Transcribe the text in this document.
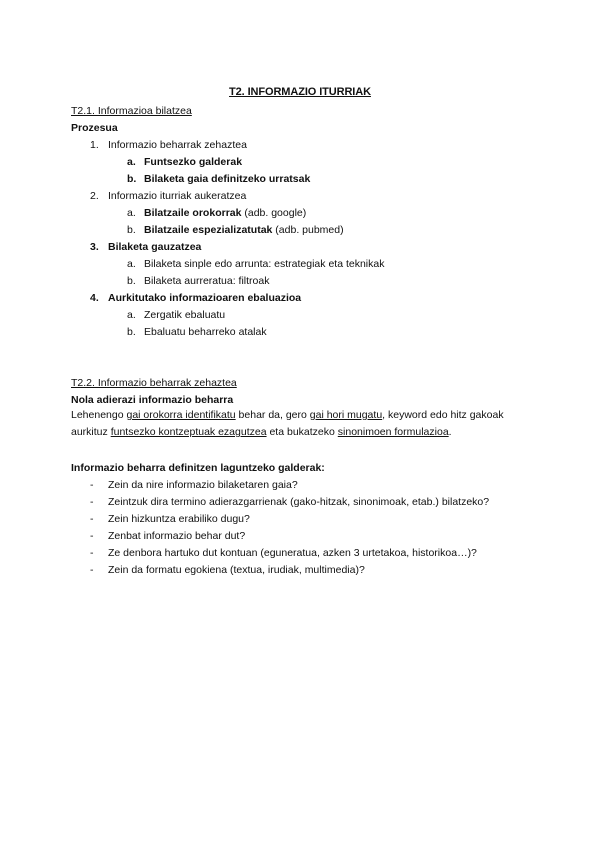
T2. INFORMAZIO ITURRIAK
T2.1. Informazioa bilatzea
Prozesua
1. Informazio beharrak zehaztea
a. Funtsezko galderak
b. Bilaketa gaia definitzeko urratsak
2. Informazio iturriak aukeratzea
a. Bilatzaile orokorrak (adb. google)
b. Bilatzaile espezializatutak (adb. pubmed)
3. Bilaketa gauzatzea
a. Bilaketa sinple edo arrunta: estrategiak eta teknikak
b. Bilaketa aurreratua: filtroak
4. Aurkitutako informazioaren ebaluazioa
a. Zergatik ebaluatu
b. Ebaluatu beharreko atalak
T2.2. Informazio beharrak zehaztea
Nola adierazi informazio beharra
Lehenengo gai orokorra identifikatu behar da, gero gai hori mugatu, keyword edo hitz gakoak aurkituz funtsezko kontzeptuak ezagutzea eta bukatzeko sinonimoen formulazioa.
Informazio beharra definitzen laguntzeko galderak:
- Zein da nire informazio bilaketaren gaia?
- Zeintzuk dira termino adierazgarrienak (gako-hitzak, sinonimoak, etab.) bilatzeko?
- Zein hizkuntza erabiliko dugu?
- Zenbat informazio behar dut?
- Ze denbora hartuko dut kontuan (eguneratua, azken 3 urtetakoa, historikoa…)?
- Zein da formatu egokiena (textua, irudiak, multimedia)?
